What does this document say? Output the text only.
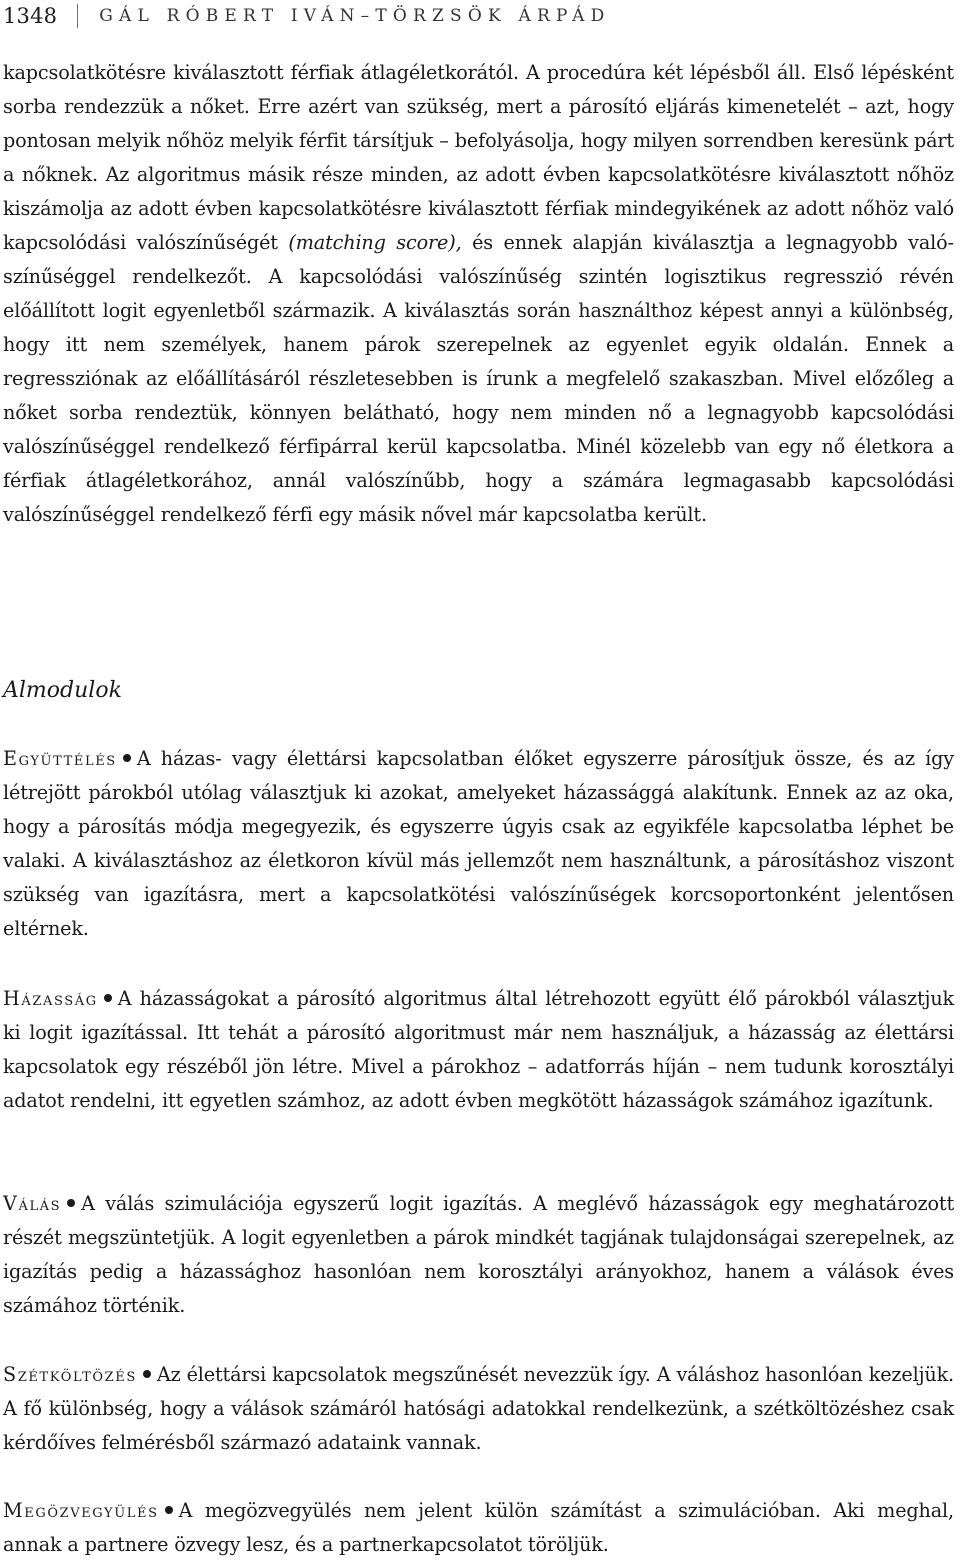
1348 GÁL RÓBERT IVÁN–TÖRZSÖK ÁRPÁD

kapcsolatkötésre kiválasztott férfiak átlagéletkorától. A procedúra két lépésből áll. Első lépésként sorba rendezzük a nőket. Erre azért van szükség, mert a párosító eljárás kimenetelét – azt, hogy pontosan melyik nőhöz melyik férfit társítjuk – befolyásolja, hogy milyen sorrendben keresünk párt a nőknek. Az algoritmus másik része minden, az adott évben kapcsolatkötésre kiválasztott nőhöz kiszámolja az adott évben kapcsolatkötésre kiválasztott férfiak mindegyikének az adott nőhöz való kapcsolódási valószínűségét (matching score), és ennek alapján kiválasztja a legnagyobb valószínűséggel rendelkezőt. A kapcsolódási valószínűség szintén logisztikus regresszió révén előállított logit egyenletből származik. A kiválasztás során használthoz képest annyi a különbség, hogy itt nem személyek, hanem párok szerepelnek az egyenlet egyik oldalán. Ennek a regressziónak az előállításáról részletesebben is írunk a megfelelő szakaszban. Mivel előzőleg a nőket sorba rendeztük, könnyen belátható, hogy nem minden nő a legnagyobb kapcsolódási valószínűséggel rendelkező férfipárral kerül kapcsolatba. Minél közelebb van egy nő életkora a férfiak átlagéletkorához, annál valószínűbb, hogy a számára legmagasabb kapcsolódási valószínűséggel rendelkező férfi egy másik nővel már kapcsolatba került.

Almodulok

Együttélés A házas- vagy élettársi kapcsolatban élőket egyszerre párosítjuk össze, és az így létrejött párokból utólag választjuk ki azokat, amelyeket házassággá alakítunk. Ennek az az oka, hogy a párosítás módja megegyezik, és egyszerre úgyis csak az egyikféle kapcsolatba léphet be valaki. A kiválasztáshoz az életkoron kívül más jellemzőt nem használtunk, a párosításhoz viszont szükség van igazításra, mert a kapcsolatkötési valószínűségek korcsoportonként jelentősen eltérnek.

Házasság A házasságokat a párosító algoritmus által létrehozott együtt élő párokból választjuk ki logit igazítással. Itt tehát a párosító algoritmust már nem használjuk, a házasság az élettársi kapcsolatok egy részéből jön létre. Mivel a párokhoz – adatforrás híján – nem tudunk korosztályi adatot rendelni, itt egyetlen számhoz, az adott évben megkötött házasságok számához igazítunk.

Válás A válás szimulációja egyszerű logit igazítás. A meglévő házasságok egy meghatározott részét megszüntetjük. A logit egyenletben a párok mindkét tagjának tulajdonságai szerepelnek, az igazítás pedig a házassághoz hasonlóan nem korosztályi arányokhoz, hanem a válások éves számához történik.

Szétköltözés Az élettársi kapcsolatok megszűnését nevezzük így. A váláshoz hasonlóan kezeljük. A fő különbség, hogy a válások számáról hatósági adatokkal rendelkezünk, a szétköltözéshez csak kérdőíves felmérésből származó adataink vannak.

Megözvegyülés A megözvegyülés nem jelent külön számítást a szimulációban. Aki meghal, annak a partnere özvegy lesz, és a partnerkapcsolatot töröljük.
